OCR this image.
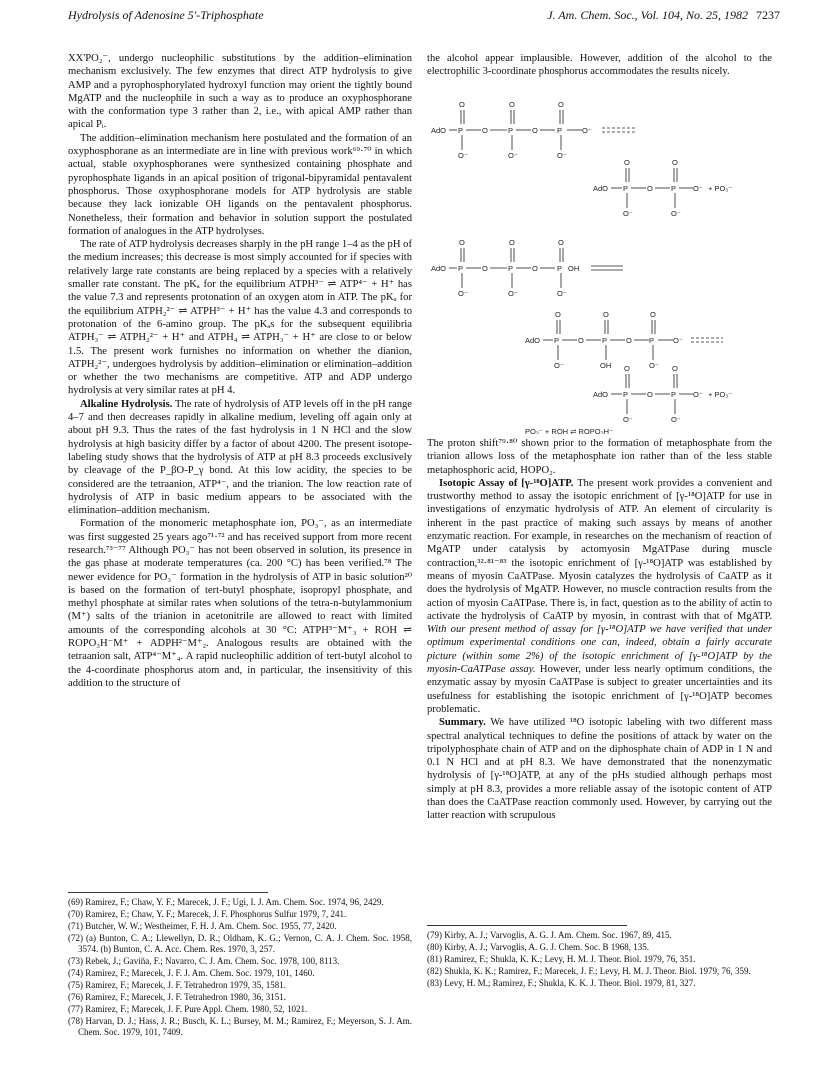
Hydrolysis of Adenosine 5'-Triphosphate	J. Am. Chem. Soc., Vol. 104, No. 25, 1982 7237

XX'PO₂⁻, undergo nucleophilic substitutions by the addition–elimination mechanism exclusively. The few enzymes that direct ATP hydrolysis to give AMP and a pyrophosphorylated hydroxyl function may orient the tightly bound MgATP and the nucleophile in such a way as to produce an oxyphosphorane with the conformation type 3 rather than 2, i.e., with apical AMP rather than apical Pᵢ.

The addition–elimination mechanism here postulated and the formation of an oxyphosphorane as an intermediate are in line with previous work⁶⁹·⁷⁰ in which actual, stable oxyphosphoranes were synthesized containing phosphate and pyrophosphate ligands in an apical position of trigonal-bipyramidal pentavalent phosphorus. Those oxyphosphorane models for ATP hydrolysis are stable because they lack ionizable OH ligands on the pentavalent phosphorus. Nonetheless, their formation and behavior in solution support the postulated formation of analogues in the ATP hydrolyses.

The rate of ATP hydrolysis decreases sharply in the pH range 1–4 as the pH of the medium increases; this decrease is most simply accounted for if species with relatively large rate constants are being replaced by a species with a relatively smaller rate constant. The pKₐ for the equilibrium ATPH³⁻ ⇌ ATP⁴⁻ + H⁺ has the value 7.3 and represents protonation of an oxygen atom in ATP. The pKₐ for the equilibrium ATPH₂²⁻ ⇌ ATPH³⁻ + H⁺ has the value 4.3 and corresponds to protonation of the 6-amino group. The pKₐs for the subsequent equilibria ATPH₃⁻ ⇌ ATPH₂²⁻ + H⁺ and ATPH₄ ⇌ ATPH₃⁻ + H⁺ are close to or below 1.5. The present work furnishes no information on whether the dianion, ATPH₂²⁻, undergoes hydrolysis by addition–elimination or elimination–addition or whether the two mechanisms are competitive. ATP and ADP undergo hydrolysis at very similar rates at pH 4.

Alkaline Hydrolysis. The rate of hydrolysis of ATP levels off in the pH range 4–7 and then decreases rapidly in alkaline medium, leveling off again only at about pH 9.3. Thus the rates of the fast hydrolysis in 1 N HCl and the slow hydrolysis at high basicity differ by a factor of about 4200. The present isotope-labeling study shows that the hydrolysis of ATP at pH 8.3 proceeds exclusively by cleavage of the P_βO-P_γ bond. At this low acidity, the species to be considered are the tetraanion, ATP⁴⁻, and the trianion. The low reaction rate of hydrolysis of ATP in basic medium appears to be associated with the elimination–addition mechanism.

Formation of the monomeric metaphosphate ion, PO₃⁻, as an intermediate was first suggested 25 years ago⁷¹·⁷² and has received support from more recent research.⁷³⁻⁷⁷ Although PO₃⁻ has not been observed in solution, its presence in the gas phase at moderate temperatures (ca. 200 °C) has been verified.⁷⁸ The newer evidence for PO₃⁻ formation in the hydrolysis of ATP in basic solution²⁰ is based on the formation of tert-butyl phosphate, isopropyl phosphate, and methyl phosphate at similar rates when solutions of the tetra-n-butylammonium (M⁺) salts of the trianion in acetonitrile are allowed to react with limited amounts of the corresponding alcohols at 30 °C: ATPH³⁻M⁺₃ + ROH ⇌ ROPO₃H⁻M⁺ + ADPH²⁻M⁺₂. Analogous results are obtained with the tetraanion salt, ATP⁴⁻M⁺₄. A rapid nucleophilic addition of tert-butyl alcohol to the 4-coordinate phosphorus atom and, in particular, the insensitivity of this addition to the structure of

the alcohol appear implausible. However, addition of the alcohol to the electrophilic 3-coordinate phosphorus accommodates the results nicely.

AdO P	O	P	O	P	O⁻
O	O	O
O⁻	O⁻	O⁻
AdO P	O P O⁻ + PO₃⁻
O	O
O⁻	O⁻
AdO P	O	P	O	P OH
O	O	O
O⁻	O⁻	O⁻
AdO P	O P	O P	O⁻
O	O	O
O⁻	OH	O⁻
AdO P	O P O⁻ + PO₃⁻
O	O
O⁻	O⁻
PO₃⁻ + ROH ⇌ ROPO₃H⁻

The proton shift⁷⁹·⁸⁰ shown prior to the formation of metaphosphate from the trianion allows loss of the metaphosphate ion rather than of the less stable metaphosphoric acid, HOPO₂.

Isotopic Assay of [γ-¹⁸O]ATP. The present work provides a convenient and trustworthy method to assay the isotopic enrichment of [γ-¹⁸O]ATP for use in investigations of enzymatic hydrolysis of ATP. An element of circularity is inherent in the past practice of making such assays by means of another enzymatic reaction. For example, in researches on the mechanism of reaction of MgATP under catalysis by actomyosin MgATPase during muscle contraction,³²·⁸¹⁻⁸³ the isotopic enrichment of [γ-¹⁸O]ATP was established by means of myosin CaATPase. Myosin catalyzes the hydrolysis of CaATP as it does the hydrolysis of MgATP. However, no muscle contraction results from the action of myosin CaATPase. There is, in fact, question as to the ability of actin to activate the hydrolysis of CaATP by myosin, in contrast with that of MgATP. With our present method of assay for [γ-¹⁸O]ATP we have verified that under optimum experimental conditions one can, indeed, obtain a fairly accurate picture (within some 2%) of the isotopic enrichment of [γ-¹⁸O]ATP by the myosin-CaATPase assay. However, under less nearly optimum conditions, the enzymatic assay by myosin CaATPase is subject to greater uncertainties and its usefulness for establishing the isotopic enrichment of [γ-¹⁸O]ATP becomes problematic.

Summary. We have utilized ¹⁸O isotopic labeling with two different mass spectral analytical techniques to define the positions of attack by water on the tripolyphosphate chain of ATP and on the diphosphate chain of ADP in 1 N and 0.1 N HCl and at pH 8.3. We have demonstrated that the nonenzymatic hydrolysis of [γ-¹⁸O]ATP, at any of the pHs studied although perhaps most simply at pH 8.3, provides a more reliable assay of the isotopic content of ATP than does the CaATPase reaction commonly used. However, by carrying out the latter reaction with scrupulous

(69) Ramirez, F.; Chaw, Y. F.; Marecek, J. F.; Ugi, I. J. Am. Chem. Soc. 1974, 96, 2429.
(70) Ramirez, F.; Chaw, Y. F.; Marecek, J. F. Phosphorus Sulfur 1979, 7, 241.
(71) Butcher, W. W.; Westheimer, F. H. J. Am. Chem. Soc. 1955, 77, 2420.
(72) (a) Bunton, C. A.; Llewellyn, D. R.; Oldham, K. G.; Vernon, C. A. J. Chem. Soc. 1958, 3574. (b) Bunton, C. A. Acc. Chem. Res. 1970, 3, 257.
(73) Rebek, J.; Gaviña, F.; Navarro, C. J. Am. Chem. Soc. 1978, 100, 8113.
(74) Ramirez, F.; Marecek, J. F. J. Am. Chem. Soc. 1979, 101, 1460.
(75) Ramirez, F.; Marecek, J. F. Tetrahedron 1979, 35, 1581.
(76) Ramirez, F.; Marecek, J. F. Tetrahedron 1980, 36, 3151.
(77) Ramirez, F.; Marecek, J. F. Pure Appl. Chem. 1980, 52, 1021.
(78) Harvan, D. J.; Hass, J. R.; Busch, K. L.; Bursey, M. M.; Ramirez, F.; Meyerson, S. J. Am. Chem. Soc. 1979, 101, 7409.
(79) Kirby, A. J.; Varvoglis, A. G. J. Am. Chem. Soc. 1967, 89, 415.
(80) Kirby, A. J.; Varvoglis, A. G. J. Chem. Soc. B 1968, 135.
(81) Ramirez, F.; Shukla, K. K.; Levy, H. M. J. Theor. Biol. 1979, 76, 351.
(82) Shukla, K. K.; Ramirez, F.; Marecek, J. F.; Levy, H. M. J. Theor. Biol. 1979, 76, 359.
(83) Levy, H. M.; Ramirez, F.; Shukla, K. K. J. Theor. Biol. 1979, 81, 327.
